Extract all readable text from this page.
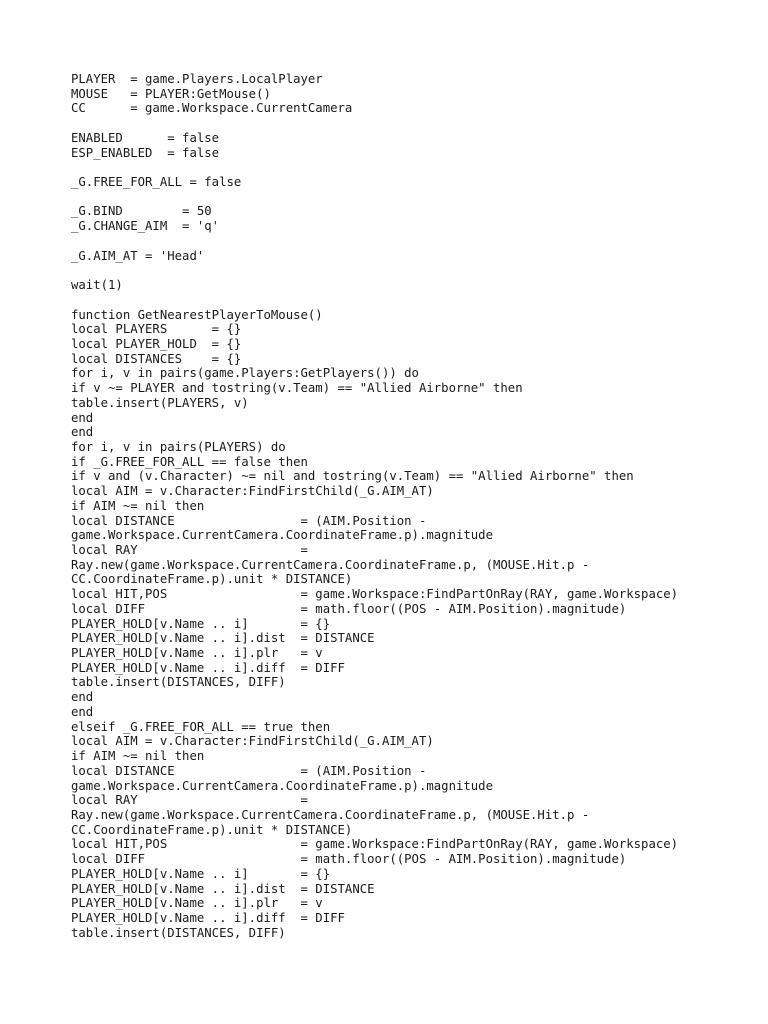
PLAYER  = game.Players.LocalPlayer
MOUSE   = PLAYER:GetMouse()
CC      = game.Workspace.CurrentCamera
ENABLED      = false
ESP_ENABLED  = false
_G.FREE_FOR_ALL = false
_G.BIND        = 50
_G.CHANGE_AIM  = 'q'
_G.AIM_AT = 'Head'
wait(1)
function GetNearestPlayerToMouse()
local PLAYERS      = {}
local PLAYER_HOLD  = {}
local DISTANCES    = {}
for i, v in pairs(game.Players:GetPlayers()) do
if v ~= PLAYER and tostring(v.Team) == "Allied Airborne" then
table.insert(PLAYERS, v)
end
end
for i, v in pairs(PLAYERS) do
if _G.FREE_FOR_ALL == false then
if v and (v.Character) ~= nil and tostring(v.Team) == "Allied Airborne" then
local AIM = v.Character:FindFirstChild(_G.AIM_AT)
if AIM ~= nil then
local DISTANCE                 = (AIM.Position -
game.Workspace.CurrentCamera.CoordinateFrame.p).magnitude
local RAY                      =
Ray.new(game.Workspace.CurrentCamera.CoordinateFrame.p, (MOUSE.Hit.p -
CC.CoordinateFrame.p).unit * DISTANCE)
local HIT,POS                  = game.Workspace:FindPartOnRay(RAY, game.Workspace)
local DIFF                     = math.floor((POS - AIM.Position).magnitude)
PLAYER_HOLD[v.Name .. i]       = {}
PLAYER_HOLD[v.Name .. i].dist  = DISTANCE
PLAYER_HOLD[v.Name .. i].plr   = v
PLAYER_HOLD[v.Name .. i].diff  = DIFF
table.insert(DISTANCES, DIFF)
end
end
elseif _G.FREE_FOR_ALL == true then
local AIM = v.Character:FindFirstChild(_G.AIM_AT)
if AIM ~= nil then
local DISTANCE                 = (AIM.Position -
game.Workspace.CurrentCamera.CoordinateFrame.p).magnitude
local RAY                      =
Ray.new(game.Workspace.CurrentCamera.CoordinateFrame.p, (MOUSE.Hit.p -
CC.CoordinateFrame.p).unit * DISTANCE)
local HIT,POS                  = game.Workspace:FindPartOnRay(RAY, game.Workspace)
local DIFF                     = math.floor((POS - AIM.Position).magnitude)
PLAYER_HOLD[v.Name .. i]       = {}
PLAYER_HOLD[v.Name .. i].dist  = DISTANCE
PLAYER_HOLD[v.Name .. i].plr   = v
PLAYER_HOLD[v.Name .. i].diff  = DIFF
table.insert(DISTANCES, DIFF)
